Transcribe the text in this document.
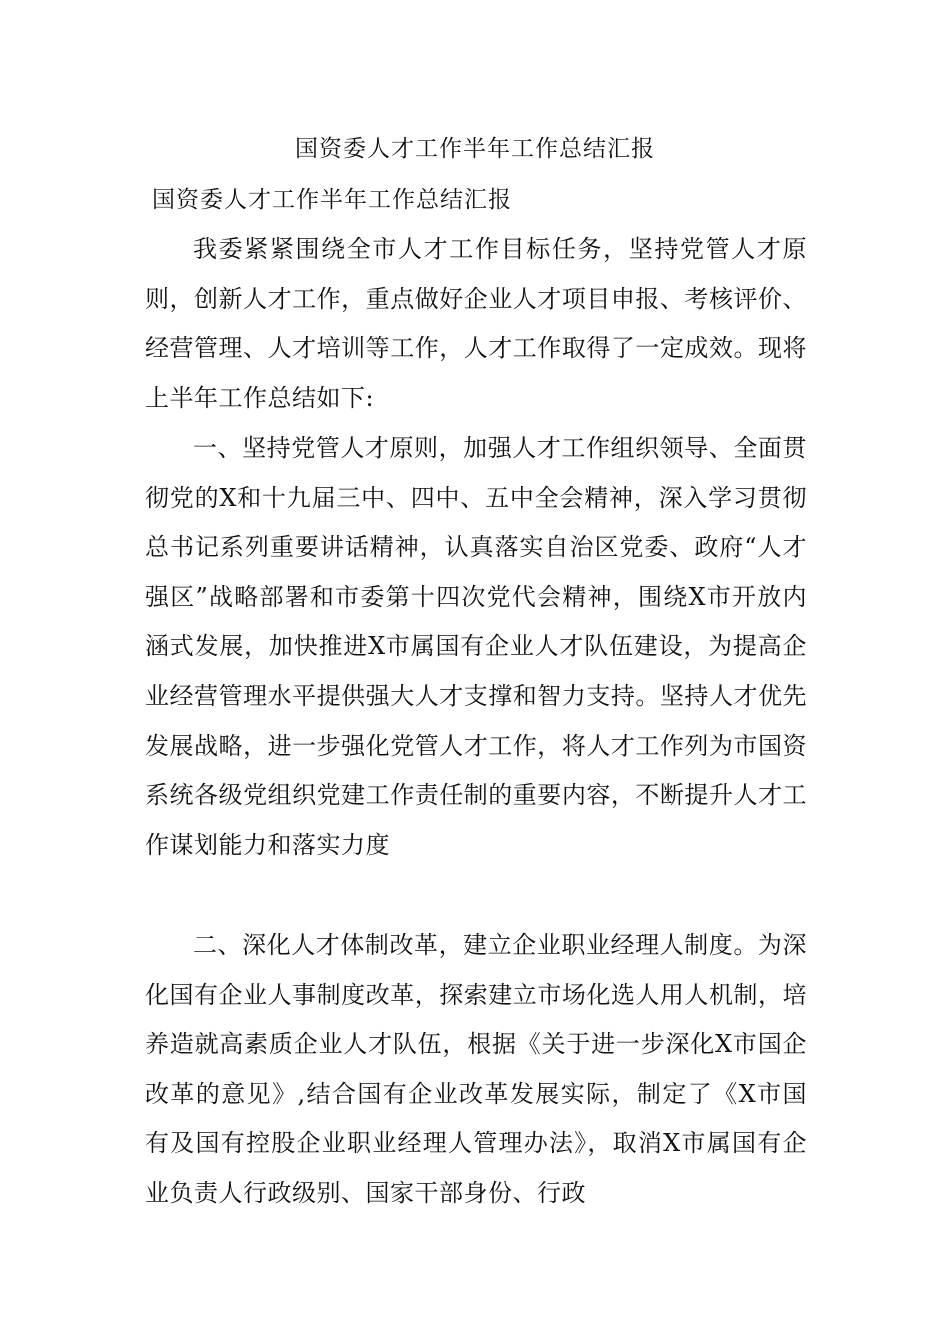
国资委人才工作半年工作总结汇报
国资委人才工作半年工作总结汇报

我委紧紧围绕全市人才工作目标任务，坚持党管人才原则，创新人才工作，重点做好企业人才项目申报、考核评价、经营管理、人才培训等工作，人才工作取得了一定成效。现将上半年工作总结如下:

一、坚持党管人才原则，加强人才工作组织领导、全面贯彻党的X和十九届三中、四中、五中全会精神，深入学习贯彻总书记系列重要讲话精神，认真落实自治区党委、政府“人才强区”战略部署和市委第十四次党代会精神，围绕X市开放内涵式发展，加快推进X市属国有企业人才队伍建设，为提高企业经营管理水平提供强大人才支撑和智力支持。坚持人才优先发展战略，进一步强化党管人才工作，将人才工作列为市国资系统各级党组织党建工作责任制的重要内容，不断提升人才工作谋划能力和落实力度

二、深化人才体制改革，建立企业职业经理人制度。为深化国有企业人事制度改革，探索建立市场化选人用人机制，培养造就高素质企业人才队伍，根据《关于进一步深化X市国企改革的意见》,结合国有企业改革发展实际，制定了《X市国有及国有控股企业职业经理人管理办法》，取消X市属国有企业负责人行政级别、国家干部身份、行政
